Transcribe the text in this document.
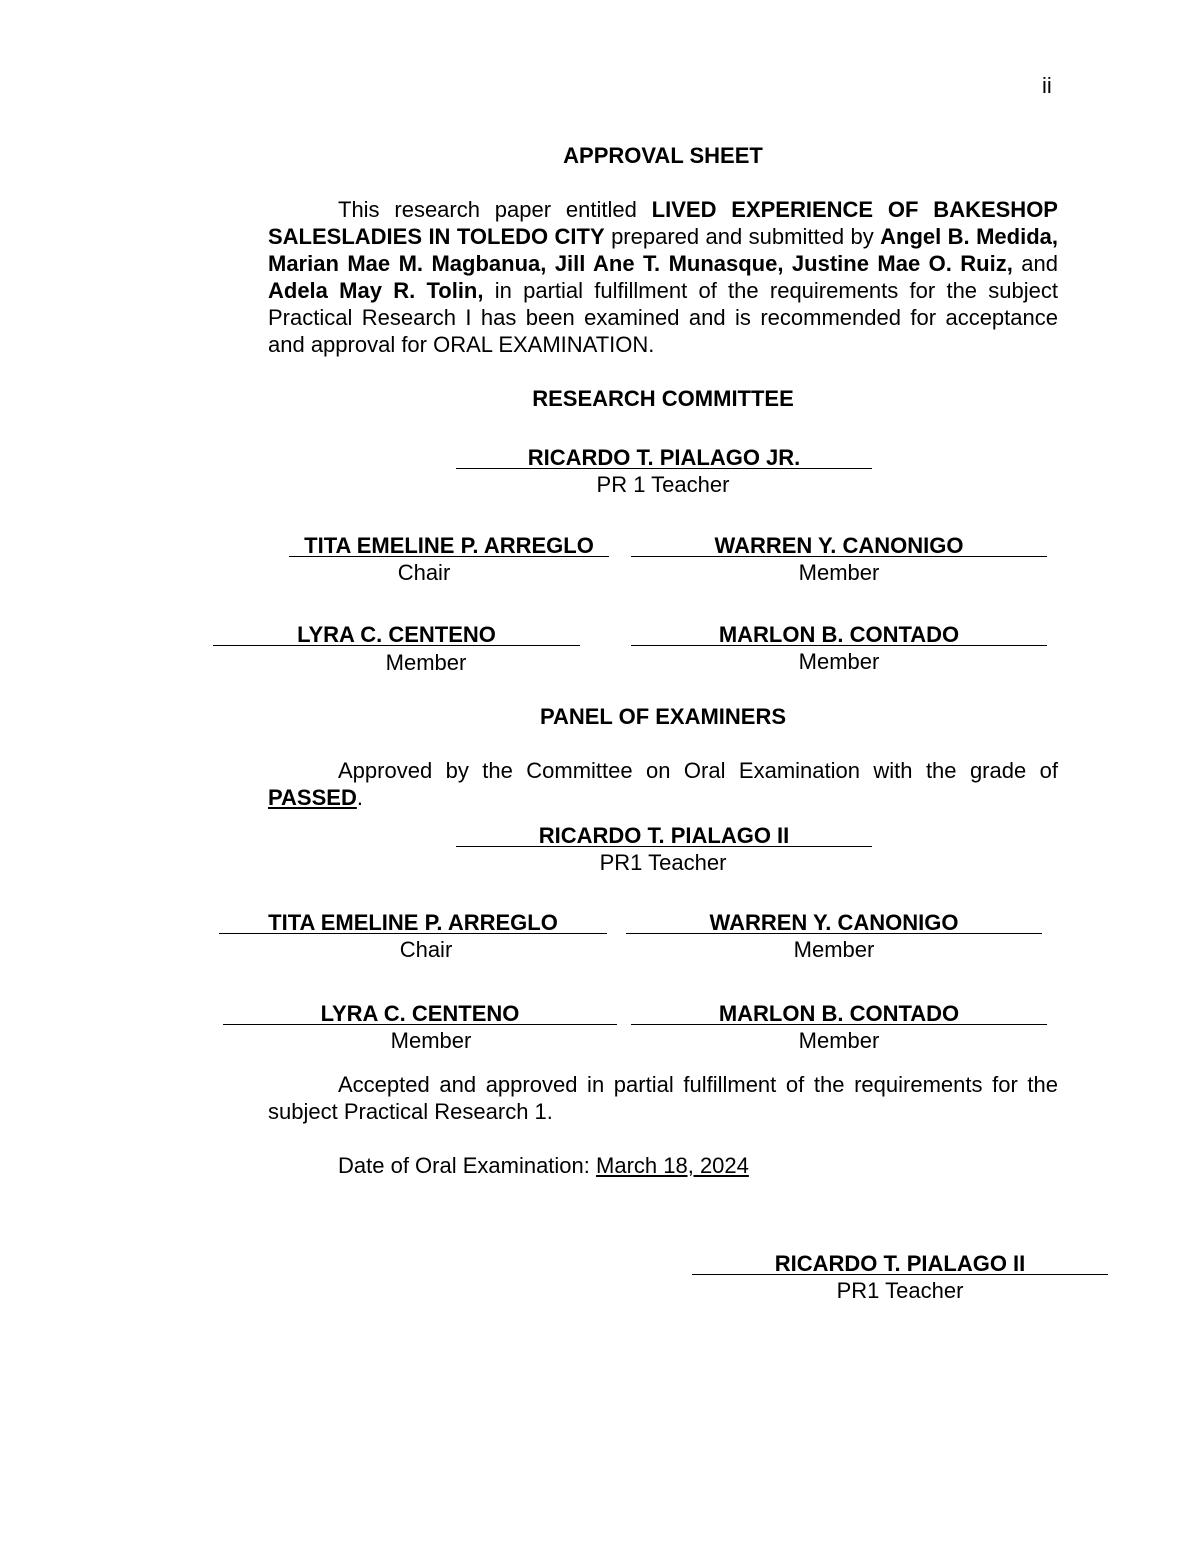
ii
APPROVAL SHEET
This research paper entitled LIVED EXPERIENCE OF BAKESHOP SALESLADIES IN TOLEDO CITY prepared and submitted by Angel B. Medida, Marian Mae M. Magbanua, Jill Ane T. Munasque, Justine Mae O. Ruiz, and Adela May R. Tolin, in partial fulfillment of the requirements for the subject Practical Research I has been examined and is recommended for acceptance and approval for ORAL EXAMINATION.
RESEARCH COMMITTEE
RICARDO T. PIALAGO JR.
PR 1 Teacher
TITA EMELINE P. ARREGLO
Chair
WARREN Y. CANONIGO
Member
LYRA C. CENTENO
Member
MARLON B. CONTADO
Member
PANEL OF EXAMINERS
Approved by the Committee on Oral Examination with the grade of PASSED.
RICARDO T. PIALAGO II
PR1 Teacher
TITA EMELINE P. ARREGLO
Chair
WARREN Y. CANONIGO
Member
LYRA C. CENTENO
Member
MARLON B. CONTADO
Member
Accepted and approved in partial fulfillment of the requirements for the subject Practical Research 1.
Date of Oral Examination: March 18, 2024
RICARDO T. PIALAGO II
PR1 Teacher
